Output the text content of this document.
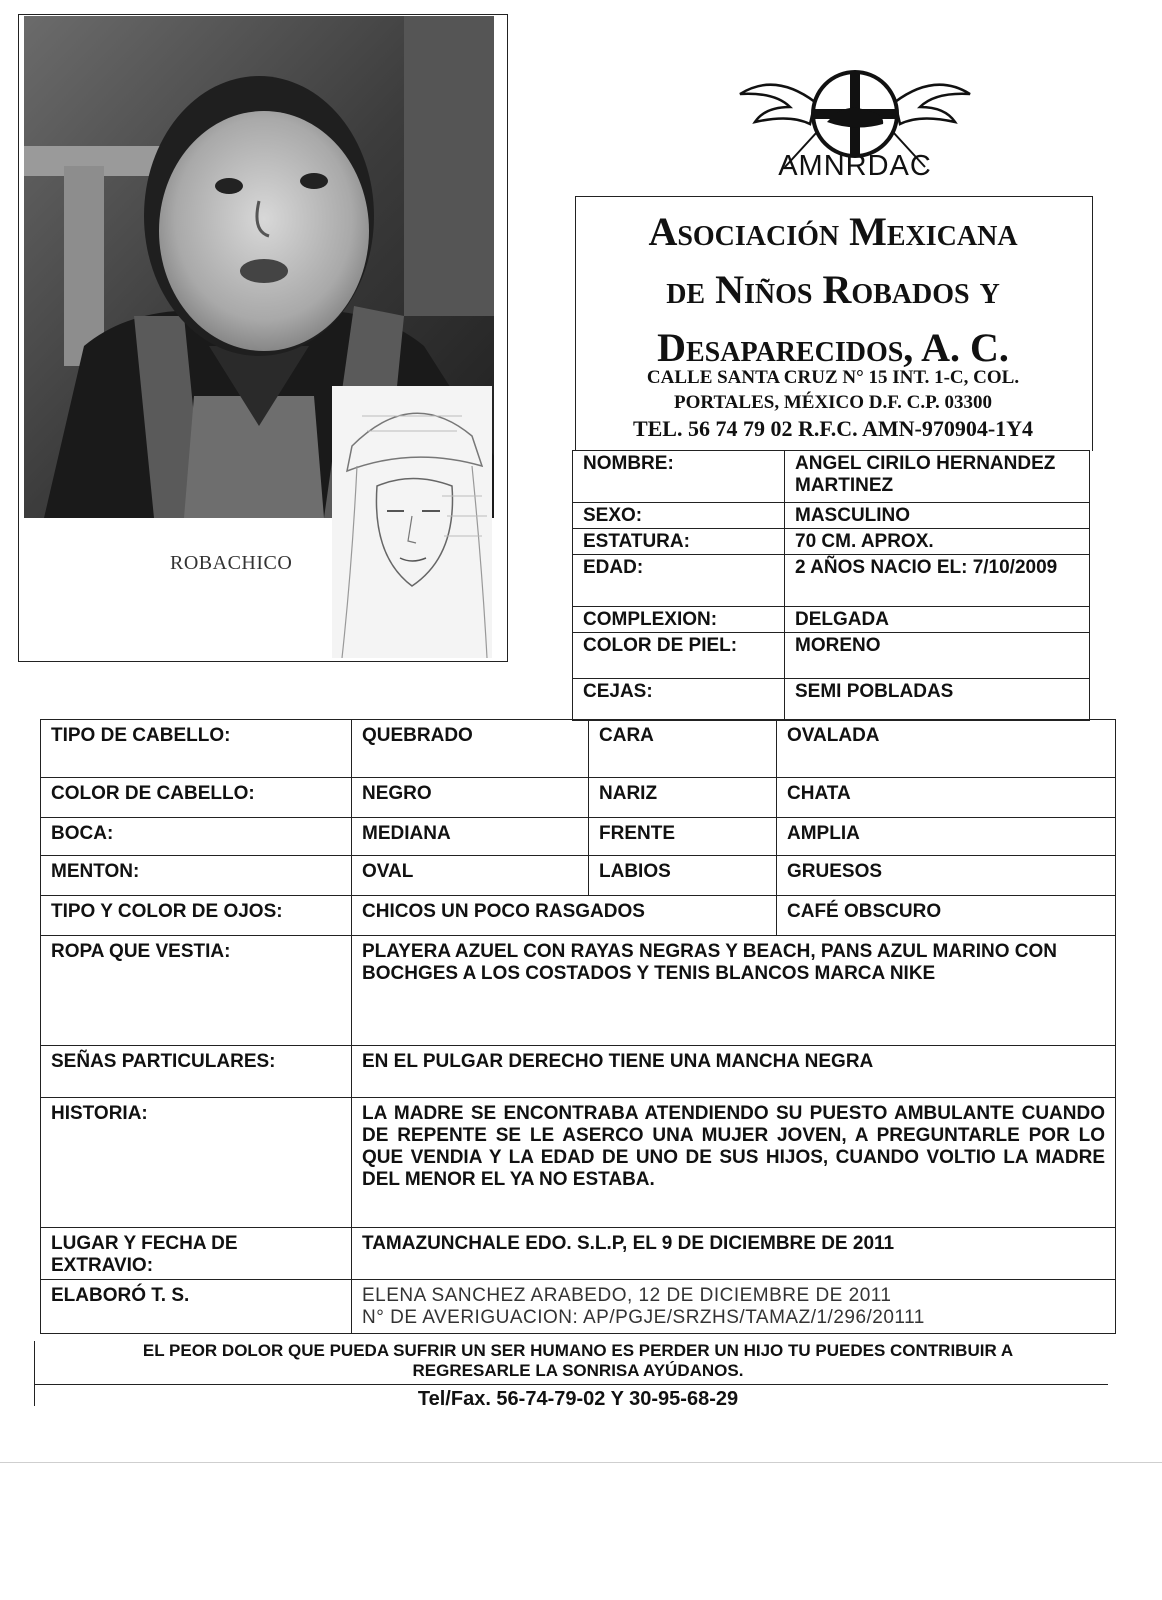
ROBACHICO
AMNRDAC
Asociación Mexicana
de Niños Robados y
Desaparecidos, A. C.
CALLE SANTA CRUZ N° 15 INT. 1-C, COL.
PORTALES, MÉXICO D.F. C.P. 03300
TEL. 56 74 79 02 R.F.C. AMN-970904-1Y4
NOMBRE:	ANGEL CIRILO HERNANDEZ MARTINEZ
SEXO:	MASCULINO
ESTATURA:	70 CM. APROX.
EDAD:	2 AÑOS NACIO EL: 7/10/2009
COMPLEXION:	DELGADA
COLOR DE PIEL:	MORENO
CEJAS:	SEMI POBLADAS
TIPO DE CABELLO:	QUEBRADO	CARA	OVALADA
COLOR DE CABELLO:	NEGRO	NARIZ	CHATA
BOCA:	MEDIANA	FRENTE	AMPLIA
MENTON:	OVAL	LABIOS	GRUESOS
TIPO Y COLOR DE OJOS:	CHICOS UN POCO RASGADOS		CAFÉ OBSCURO
ROPA QUE VESTIA:	PLAYERA AZUEL CON RAYAS NEGRAS Y BEACH, PANS AZUL MARINO CON BOCHGES A LOS COSTADOS Y TENIS BLANCOS MARCA NIKE		
SEÑAS PARTICULARES:	EN EL PULGAR DERECHO TIENE UNA MANCHA NEGRA		
HISTORIA:	LA MADRE SE ENCONTRABA ATENDIENDO SU PUESTO AMBULANTE CUANDO DE REPENTE SE LE ASERCO UNA MUJER JOVEN, A PREGUNTARLE POR LO QUE VENDIA Y LA EDAD DE UNO DE SUS HIJOS, CUANDO VOLTIO LA MADRE DEL MENOR EL YA NO ESTABA.		
LUGAR Y FECHA DE EXTRAVIO:	TAMAZUNCHALE EDO. S.L.P, EL 9 DE DICIEMBRE DE 2011		
ELABORÓ T. S.	ELENA SANCHEZ ARABEDO, 12 DE DICIEMBRE DE 2011
N° DE AVERIGUACION: AP/PGJE/SRZHS/TAMAZ/1/296/20111		
EL PEOR DOLOR QUE PUEDA SUFRIR UN SER HUMANO ES PERDER UN HIJO TU PUEDES CONTRIBUIR A
REGRESARLE LA SONRISA AYÚDANOS.
Tel/Fax. 56-74-79-02 Y 30-95-68-29
